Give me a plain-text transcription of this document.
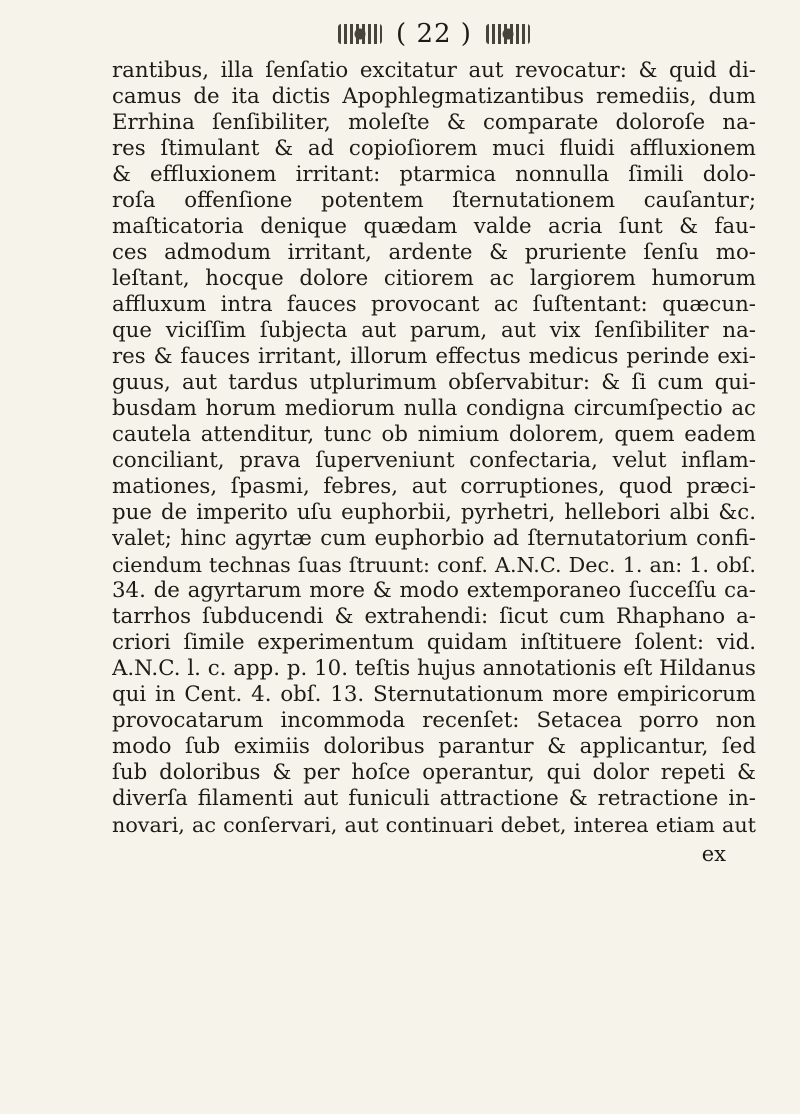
( 22 )

rantibus, illa ſenſatio excitatur aut revocatur: & quid di-
camus de ita dictis Apophlegmatizantibus remediis, dum
Errhina ſenſibiliter, moleſte & comparate doloroſe na-
res ſtimulant & ad copioſiorem muci fluidi affluxionem
& effluxionem irritant: ptarmica nonnulla ſimili dolo-
roſa offenſione potentem ſternutationem cauſantur;
maſticatoria denique quædam valde acria ſunt & fau-
ces admodum irritant, ardente & pruriente ſenſu mo-
leſtant, hocque dolore citiorem ac largiorem humorum
affluxum intra fauces provocant ac ſuſtentant: quæcun-
que viciſſim ſubjecta aut parum, aut vix ſenſibiliter na-
res & fauces irritant, illorum effectus medicus perinde exi-
guus, aut tardus utplurimum obſervabitur: & ſi cum qui-
busdam horum mediorum nulla condigna circumſpectio ac
cautela attenditur, tunc ob nimium dolorem, quem eadem
conciliant, prava ſuperveniunt confectaria, velut inflam-
mationes, ſpasmi, febres, aut corruptiones, quod præci-
pue de imperito uſu euphorbii, pyrhetri, hellebori albi &c.
valet; hinc agyrtæ cum euphorbio ad ſternutatorium confi-
ciendum technas ſuas ſtruunt: conf. A.N.C. Dec. 1. an: 1. obſ.
34. de agyrtarum more & modo extemporaneo ſucceſſu ca-
tarrhos ſubducendi & extrahendi: ſicut cum Rhaphano a-
criori ſimile experimentum quidam inſtituere ſolent: vid.
A.N.C. l. c. app. p. 10. teſtis hujus annotationis eſt Hildanus
qui in Cent. 4. obſ. 13. Sternutationum more empiricorum
provocatarum incommoda recenſet: Setacea porro non
modo ſub eximiis doloribus parantur & applicantur, ſed
ſub doloribus & per hoſce operantur, qui dolor repeti &
diverſa filamenti aut funiculi attractione & retractione in-
novari, ac conſervari, aut continuari debet, interea etiam aut

ex
